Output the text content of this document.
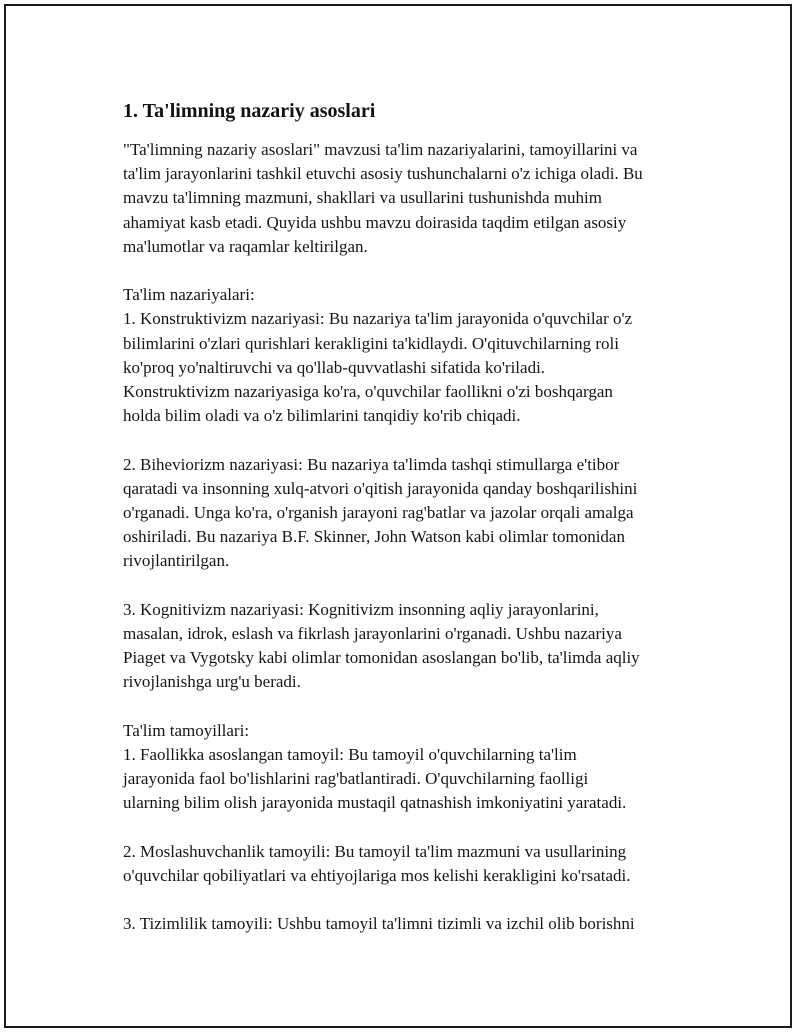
1. Ta'limning nazariy asoslari

"Ta'limning nazariy asoslari" mavzusi ta'lim nazariyalarini, tamoyillarini va

ta'lim jarayonlarini tashkil etuvchi asosiy tushunchalarni o'z ichiga oladi. Bu

mavzu ta'limning mazmuni, shakllari va usullarini tushunishda muhim

ahamiyat kasb etadi. Quyida ushbu mavzu doirasida taqdim etilgan asosiy

ma'lumotlar va raqamlar keltirilgan.

Ta'lim nazariyalari:

1. Konstruktivizm nazariyasi: Bu nazariya ta'lim jarayonida o'quvchilar o'z

bilimlarini o'zlari qurishlari kerakligini ta'kidlaydi. O'qituvchilarning roli

ko'proq yo'naltiruvchi va qo'llab-quvvatlashi sifatida ko'riladi.

Konstruktivizm nazariyasiga ko'ra, o'quvchilar faollikni o'zi boshqargan

holda bilim oladi va o'z bilimlarini tanqidiy ko'rib chiqadi.

2. Biheviorizm nazariyasi: Bu nazariya ta'limda tashqi stimullarga e'tibor

qaratadi va insonning xulq-atvori o'qitish jarayonida qanday boshqarilishini

o'rganadi. Unga ko'ra, o'rganish jarayoni rag'batlar va jazolar orqali amalga

oshiriladi. Bu nazariya B.F. Skinner, John Watson kabi olimlar tomonidan

rivojlantirilgan.

3. Kognitivizm nazariyasi: Kognitivizm insonning aqliy jarayonlarini,

masalan, idrok, eslash va fikrlash jarayonlarini o'rganadi. Ushbu nazariya

Piaget va Vygotsky kabi olimlar tomonidan asoslangan bo'lib, ta'limda aqliy

rivojlanishga urg'u beradi.

Ta'lim tamoyillari:

1. Faollikka asoslangan tamoyil: Bu tamoyil o'quvchilarning ta'lim

jarayonida faol bo'lishlarini rag'batlantiradi. O'quvchilarning faolligi

ularning bilim olish jarayonida mustaqil qatnashish imkoniyatini yaratadi.

2. Moslashuvchanlik tamoyili: Bu tamoyil ta'lim mazmuni va usullarining

o'quvchilar qobiliyatlari va ehtiyojlariga mos kelishi kerakligini ko'rsatadi.

3. Tizimlilik tamoyili: Ushbu tamoyil ta'limni tizimli va izchil olib borishni
